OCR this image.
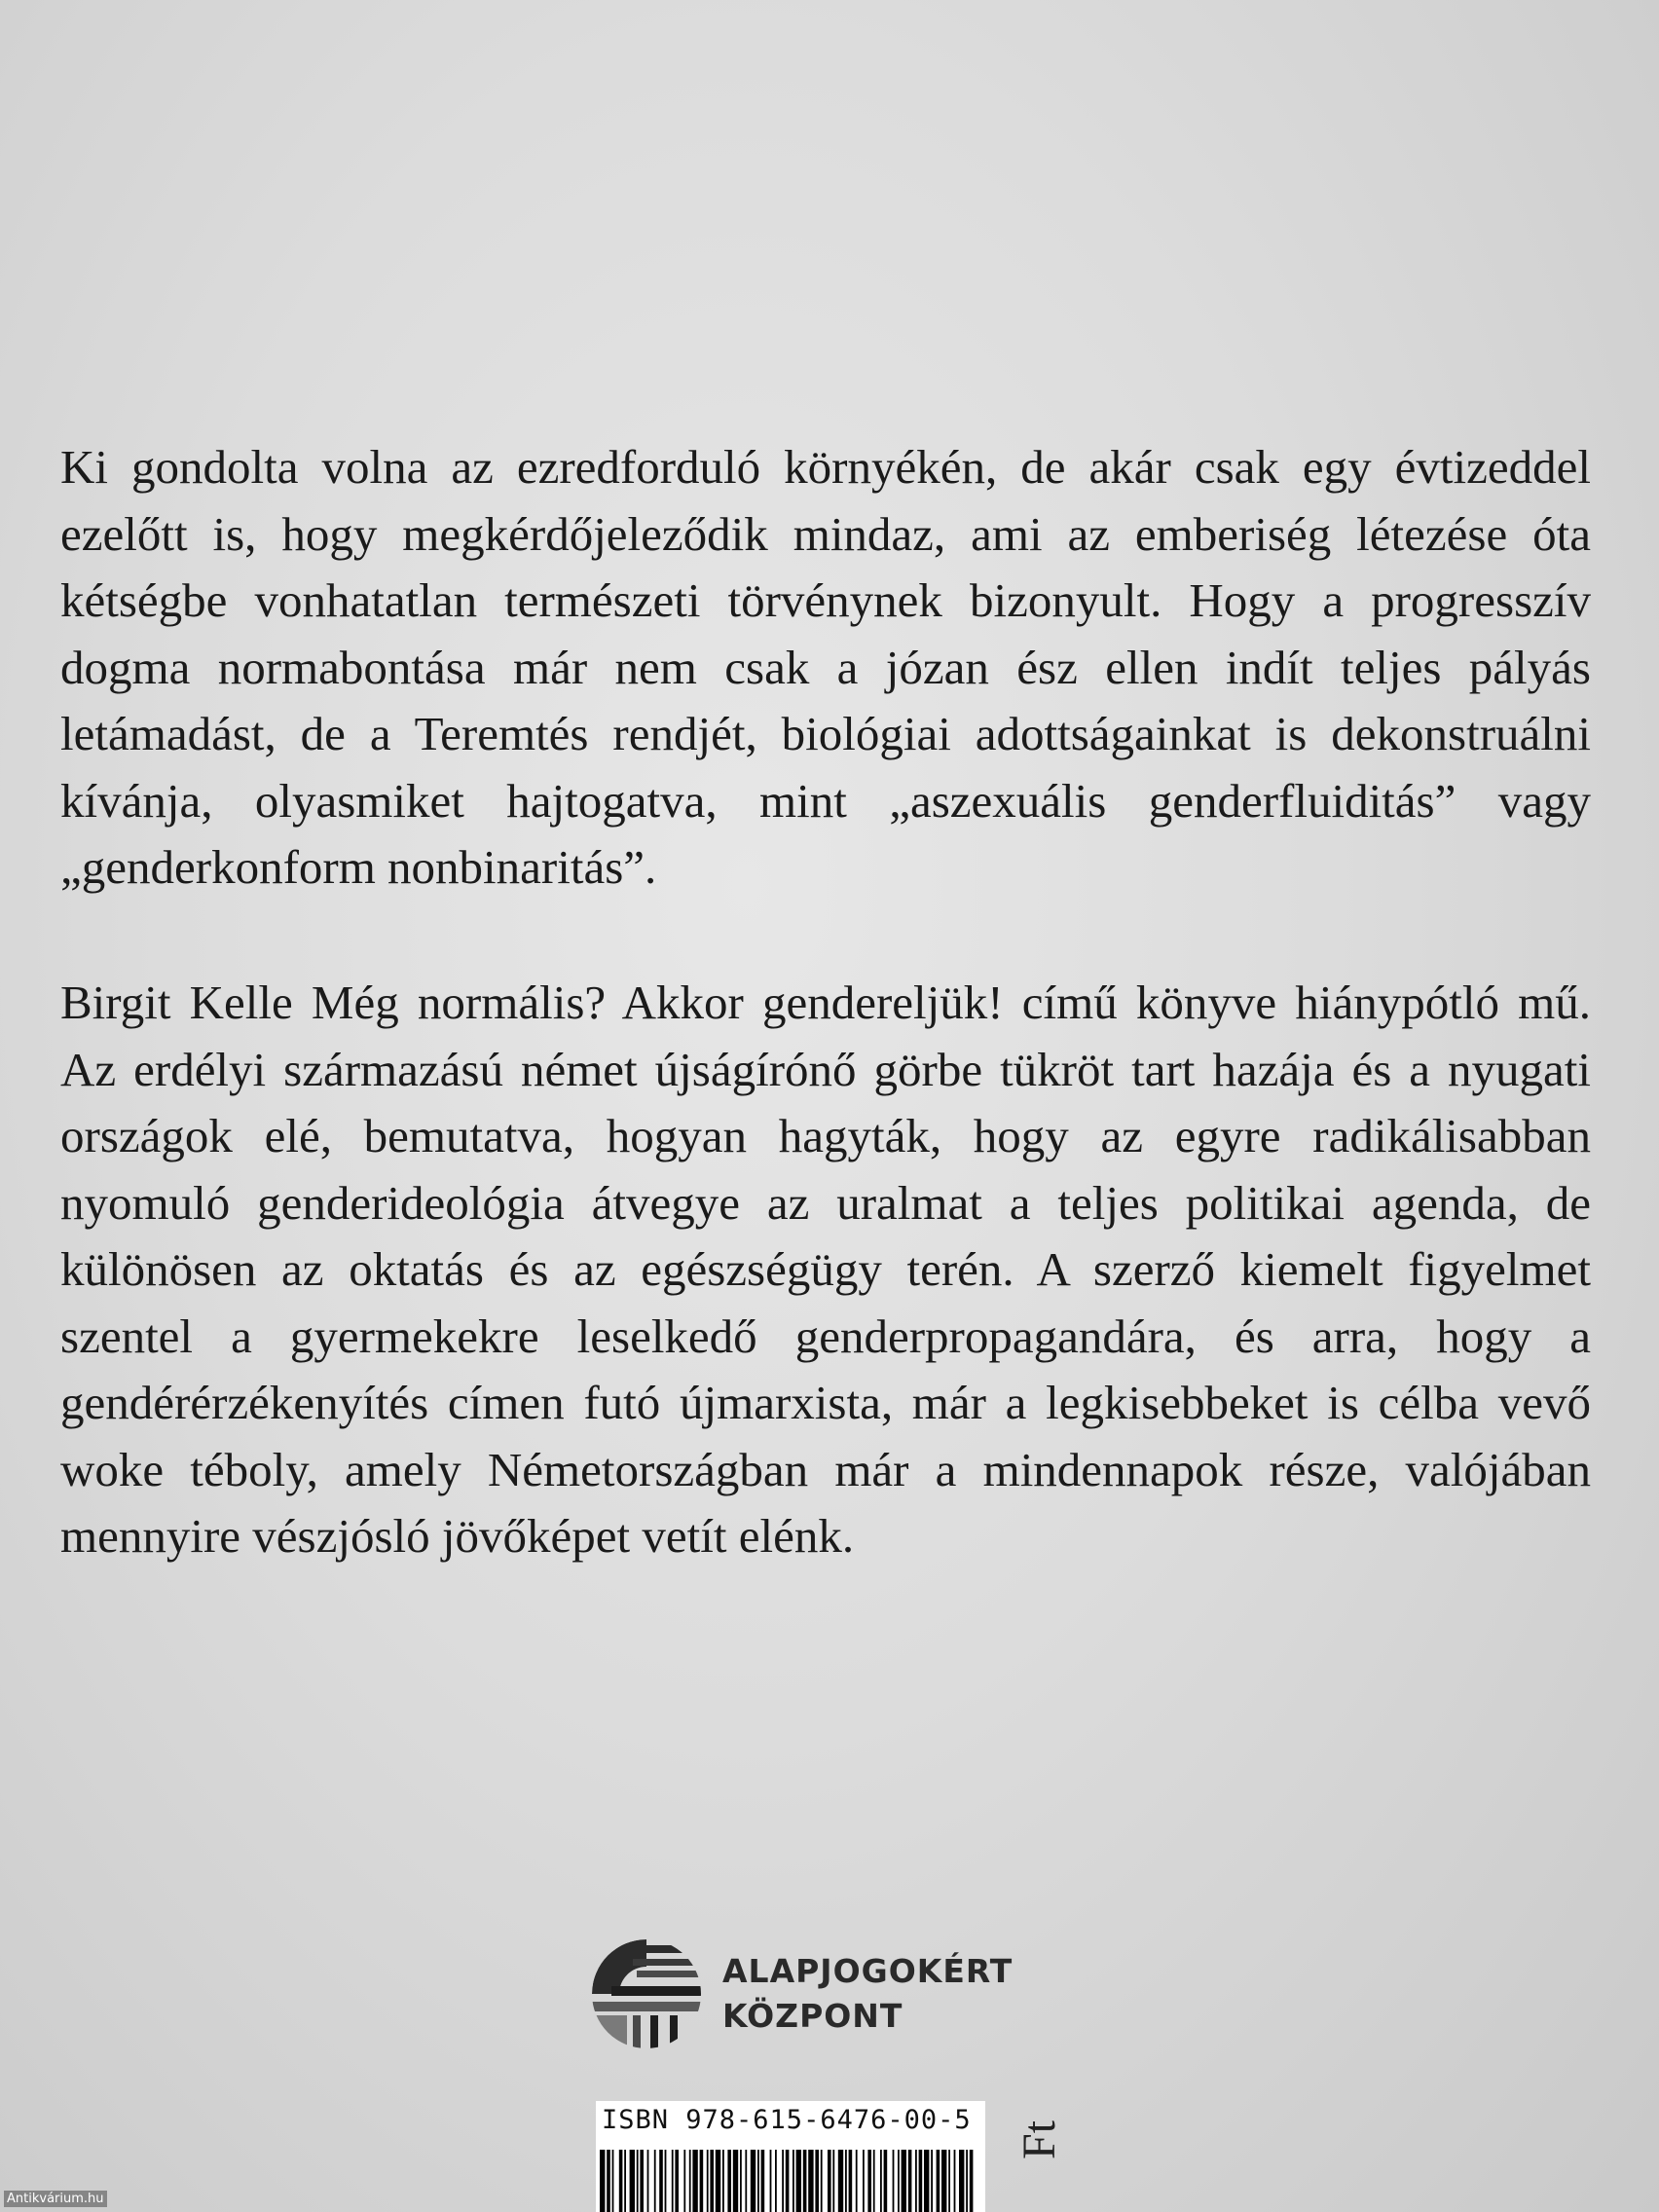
Ki gondolta volna az ezredforduló környékén, de akár csak egy évtizeddel ezelőtt is, hogy megkérdőjeleződik mindaz, ami az emberiség létezése óta kétségbe vonhatatlan természeti törvénynek bizonyult. Hogy a progresszív dogma normabontása már nem csak a józan ész ellen indít teljes pályás letámadást, de a Teremtés rendjét, biológiai adottságainkat is dekonstruálni kívánja, olyasmiket hajtogatva, mint „aszexuális genderfluiditás” vagy „genderkonform nonbinaritás”.

Birgit Kelle Még normális? Akkor gendereljük! című könyve hiánypótló mű. Az erdélyi származású német újságírónő görbe tükröt tart hazája és a nyugati országok elé, bemutatva, hogyan hagyták, hogy az egyre radikálisabban nyomuló genderideológia átvegye az uralmat a teljes politikai agenda, de különösen az oktatás és az egészségügy terén. A szerző kiemelt figyelmet szentel a gyermekekre leselkedő genderpropagandára, és arra, hogy a gendérérzékenyítés címen futó újmarxista, már a legkisebbeket is célba vevő woke téboly, amely Németországban már a mindennapok része, valójában mennyire vészjósló jövőképet vetít elénk.

ALAPJOGOKÉRT
KÖZPONT
ISBN 978-615-6476-00-5
Ft
Antikvárium.hu
